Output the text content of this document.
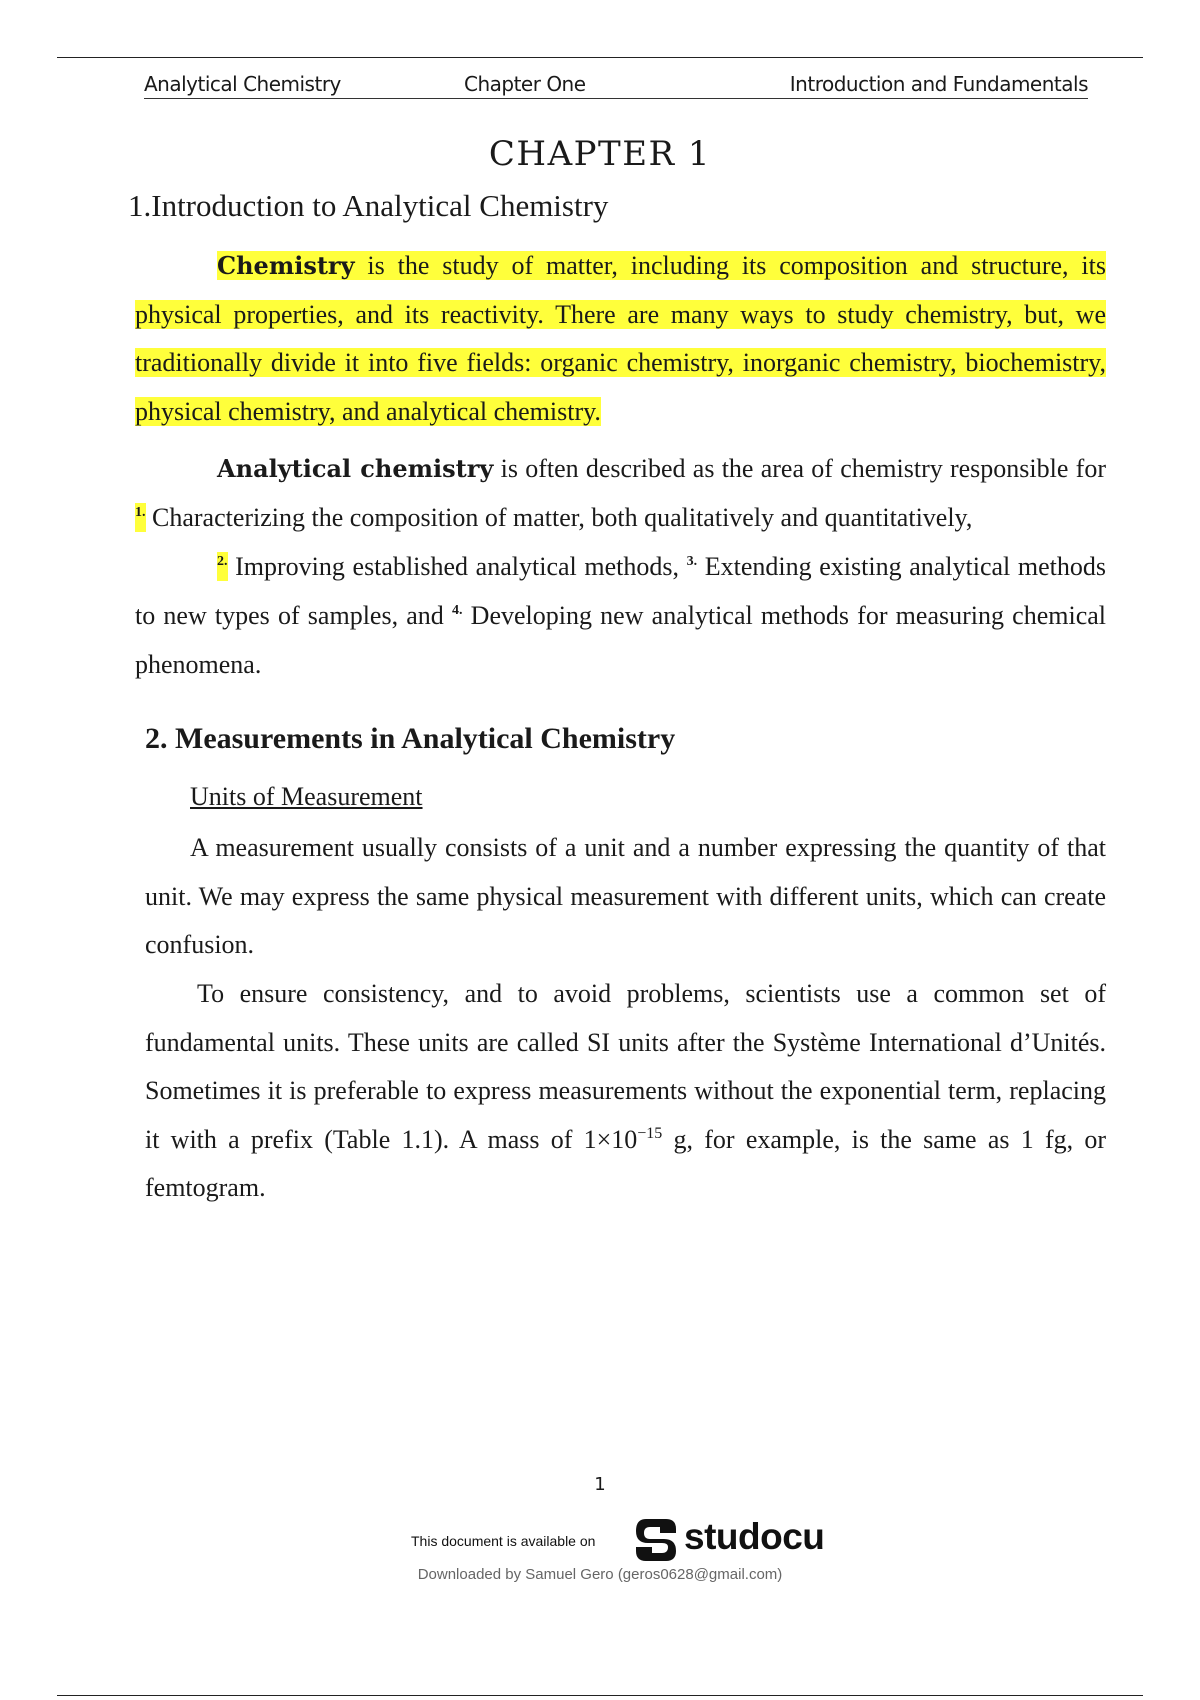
Analytical Chemistry	Chapter One	Introduction and Fundamentals
CHAPTER 1
1.Introduction to Analytical Chemistry

Chemistry is the study of matter, including its composition and structure, its physical properties, and its reactivity. There are many ways to study chemistry, but, we traditionally divide it into five fields: organic chemistry, inorganic chemistry, biochemistry, physical chemistry, and analytical chemistry.

Analytical chemistry is often described as the area of chemistry responsible for $^{1.}$ Characterizing the composition of matter, both qualitatively and quantitatively,
$^{2.}$ Improving established analytical methods, $^{3.}$ Extending existing analytical methods to new types of samples, and $^{4.}$ Developing new analytical methods for measuring chemical phenomena.

2. Measurements in Analytical Chemistry
Units of Measurement

A measurement usually consists of a unit and a number expressing the quantity of that unit. We may express the same physical measurement with different units, which can create confusion.

To ensure consistency, and to avoid problems, scientists use a common set of fundamental units. These units are called SI units after the Système International d’Unités. Sometimes it is preferable to express measurements without the exponential term, replacing it with a prefix (Table 1.1). A mass of $1\times 10^{-15}$ g, for example, is the same as 1 fg, or femtogram.

1
This document is available on studocu
Downloaded by Samuel Gero (geros0628@gmail.com)
